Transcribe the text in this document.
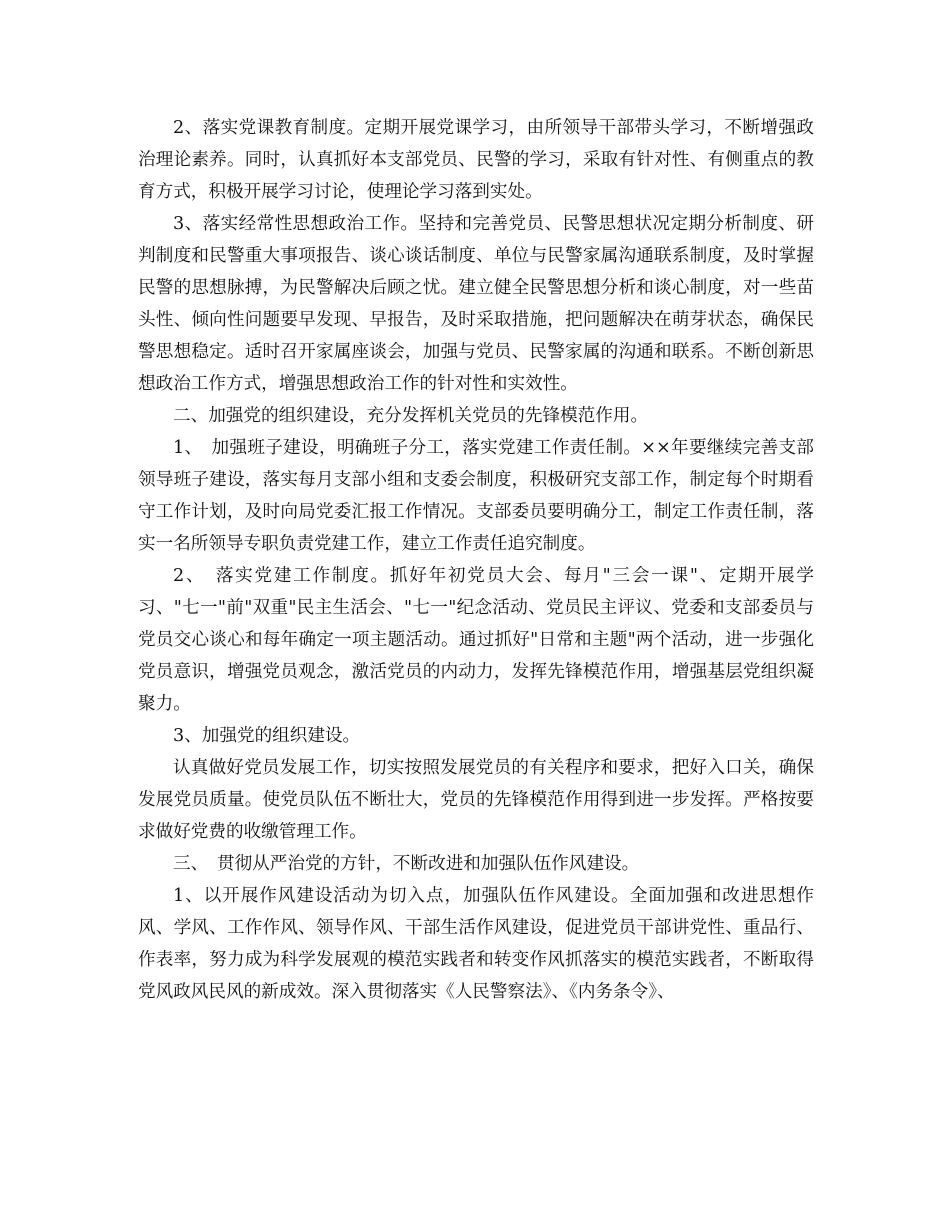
2、落实党课教育制度。定期开展党课学习，由所领导干部带头学习，不断增强政治理论素养。同时，认真抓好本支部党员、民警的学习，采取有针对性、有侧重点的教育方式，积极开展学习讨论，使理论学习落到实处。

3、落实经常性思想政治工作。坚持和完善党员、民警思想状况定期分析制度、研判制度和民警重大事项报告、谈心谈话制度、单位与民警家属沟通联系制度，及时掌握民警的思想脉搏，为民警解决后顾之忧。建立健全民警思想分析和谈心制度，对一些苗头性、倾向性问题要早发现、早报告，及时采取措施，把问题解决在萌芽状态，确保民警思想稳定。适时召开家属座谈会，加强与党员、民警家属的沟通和联系。不断创新思想政治工作方式，增强思想政治工作的针对性和实效性。

二、加强党的组织建设，充分发挥机关党员的先锋模范作用。

1、　加强班子建设，明确班子分工，落实党建工作责任制。××年要继续完善支部领导班子建设，落实每月支部小组和支委会制度，积极研究支部工作，制定每个时期看守工作计划，及时向局党委汇报工作情况。支部委员要明确分工，制定工作责任制，落实一名所领导专职负责党建工作，建立工作责任追究制度。

2、　落实党建工作制度。抓好年初党员大会、每月"三会一课"、定期开展学习、"七一"前"双重"民主生活会、"七一"纪念活动、党员民主评议、党委和支部委员与党员交心谈心和每年确定一项主题活动。通过抓好"日常和主题"两个活动，进一步强化党员意识，增强党员观念，激活党员的内动力，发挥先锋模范作用，增强基层党组织凝聚力。

3、加强党的组织建设。

认真做好党员发展工作，切实按照发展党员的有关程序和要求，把好入口关，确保发展党员质量。使党员队伍不断壮大，党员的先锋模范作用得到进一步发挥。严格按要求做好党费的收缴管理工作。

三、　贯彻从严治党的方针，不断改进和加强队伍作风建设。

1、以开展作风建设活动为切入点，加强队伍作风建设。全面加强和改进思想作风、学风、工作作风、领导作风、干部生活作风建设，促进党员干部讲党性、重品行、作表率，努力成为科学发展观的模范实践者和转变作风抓落实的模范实践者，不断取得党风政风民风的新成效。深入贯彻落实《人民警察法》、《内务条令》、
